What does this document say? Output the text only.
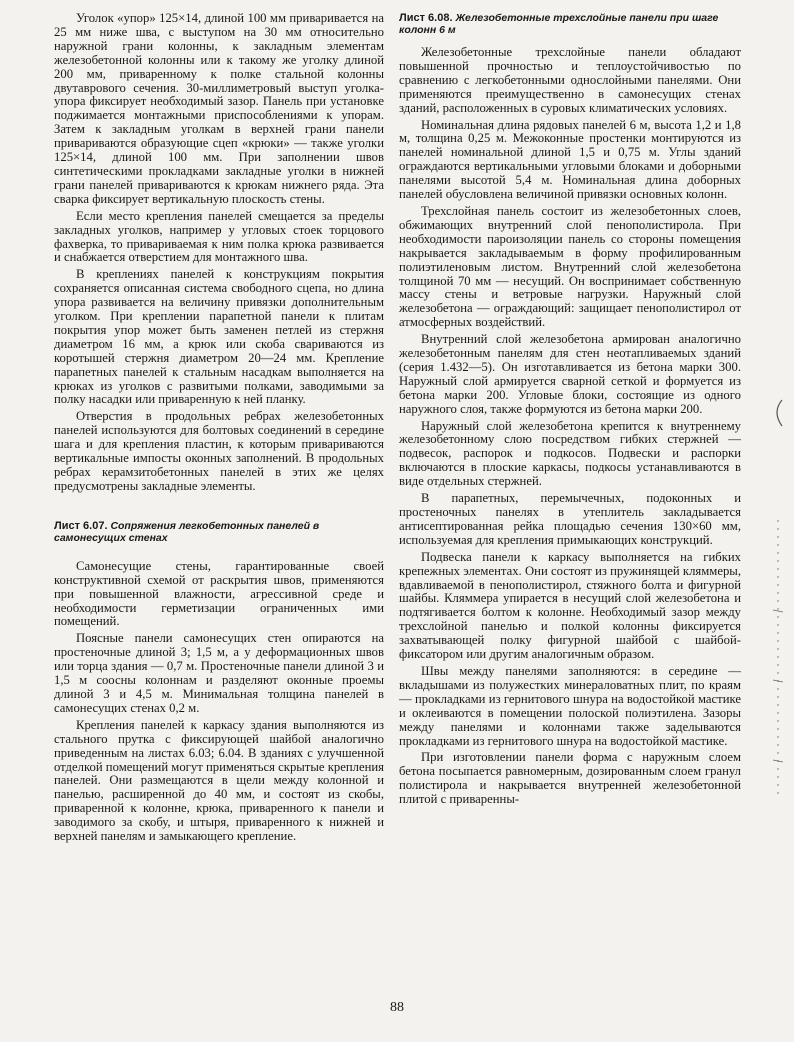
Уголок «упор» 125×14, длиной 100 мм приваривается на 25 мм ниже шва, с выступом на 30 мм относительно наружной грани колонны, к закладным элементам железобетонной колонны или к такому же уголку длиной 200 мм, приваренному к полке стальной колонны двутаврового сечения. 30-миллиметровый выступ уголка-упора фиксирует необходимый зазор. Панель при установке поджимается монтажными приспособлениями к упорам. Затем к закладным уголкам в верхней грани панели привариваются образующие сцеп «крюки» — также уголки 125×14, длиной 100 мм. При заполнении швов синтетическими прокладками закладные уголки в нижней грани панелей привариваются к крюкам нижнего ряда. Эта сварка фиксирует вертикальную плоскость стены.

Если место крепления панелей смещается за пределы закладных уголков, например у угловых стоек торцового фахверка, то привариваемая к ним полка крюка развивается и снабжается отверстием для монтажного шва.

В креплениях панелей к конструкциям покрытия сохраняется описанная система свободного сцепа, но длина упора развивается на величину привязки дополнительным уголком. При креплении парапетной панели к плитам покрытия упор может быть заменен петлей из стержня диаметром 16 мм, а крюк или скоба свариваются из коротышей стержня диаметром 20—24 мм. Крепление парапетных панелей к стальным насадкам выполняется на крюках из уголков с развитыми полками, заводимыми за полку насадки или приваренную к ней планку.

Отверстия в продольных ребрах железобетонных панелей используются для болтовых соединений в середине шага и для крепления пластин, к которым привариваются вертикальные импосты оконных заполнений. В продольных ребрах керамзитобетонных панелей в этих же целях предусмотрены закладные элементы.

Лист 6.07. Сопряжения легкобетонных панелей в самонесущих стенах

Самонесущие стены, гарантированные своей конструктивной схемой от раскрытия швов, применяются при повышенной влажности, агрессивной среде и необходимости герметизации ограниченных ими помещений.

Поясные панели самонесущих стен опираются на простеночные длиной 3; 1,5 м, а у деформационных швов или торца здания — 0,7 м. Простеночные панели длиной 3 и 1,5 м соосны колоннам и разделяют оконные проемы длиной 3 и 4,5 м. Минимальная толщина панелей в самонесущих стенах 0,2 м.

Крепления панелей к каркасу здания выполняются из стального прутка с фиксирующей шайбой аналогично приведенным на листах 6.03; 6.04. В зданиях с улучшенной отделкой помещений могут применяться скрытые крепления панелей. Они размещаются в щели между колонной и панелью, расширенной до 40 мм, и состоят из скобы, приваренной к колонне, крюка, приваренного к панели и заводимого за скобу, и штыря, приваренного к нижней и верхней панелям и замыкающего крепление.

Лист 6.08. Железобетонные трехслойные панели при шаге колонн 6 м

Железобетонные трехслойные панели обладают повышенной прочностью и теплоустойчивостью по сравнению с легкобетонными однослойными панелями. Они применяются преимущественно в самонесущих стенах зданий, расположенных в суровых климатических условиях.

Номинальная длина рядовых панелей 6 м, высота 1,2 и 1,8 м, толщина 0,25 м. Межоконные простенки монтируются из панелей номинальной длиной 1,5 и 0,75 м. Углы зданий ограждаются вертикальными угловыми блоками и доборными панелями высотой 5,4 м. Номинальная длина доборных панелей обусловлена величиной привязки основных колонн.

Трехслойная панель состоит из железобетонных слоев, обжимающих внутренний слой пенополистирола. При необходимости пароизоляции панель со стороны помещения накрывается закладываемым в форму профилированным полиэтиленовым листом. Внутренний слой железобетона толщиной 70 мм — несущий. Он воспринимает собственную массу стены и ветровые нагрузки. Наружный слой железобетона — ограждающий: защищает пенополистирол от атмосферных воздействий.

Внутренний слой железобетона армирован аналогично железобетонным панелям для стен неотапливаемых зданий (серия 1.432—5). Он изготавливается из бетона марки 300. Наружный слой армируется сварной сеткой и формуется из бетона марки 200. Угловые блоки, состоящие из одного наружного слоя, также формуются из бетона марки 200.

Наружный слой железобетона крепится к внутреннему железобетонному слою посредством гибких стержней — подвесок, распорок и подкосов. Подвески и распорки включаются в плоские каркасы, подкосы устанавливаются в виде отдельных стержней.

В парапетных, перемычечных, подоконных и простеночных панелях в утеплитель закладывается антисептированная рейка площадью сечения 130×60 мм, используемая для крепления примыкающих конструкций.

Подвеска панели к каркасу выполняется на гибких крепежных элементах. Они состоят из пружинящей кляммеры, вдавливаемой в пенополистирол, стяжного болта и фигурной шайбы. Кляммера упирается в несущий слой железобетона и подтягивается болтом к колонне. Необходимый зазор между трехслойной панелью и полкой колонны фиксируется захватывающей полку фигурной шайбой с шайбой-фиксатором или другим аналогичным образом.

Швы между панелями заполняются: в середине — вкладышами из полужестких минераловатных плит, по краям — прокладками из гернитового шнура на водостойкой мастике и оклеиваются в помещении полоской полиэтилена. Зазоры между панелями и колоннами также заделываются прокладками из гернитового шнура на водостойкой мастике.

При изготовлении панели форма с наружным слоем бетона посыпается равномерным, дозированным слоем гранул полистирола и накрывается внутренней железобетонной плитой с приваренны-

88
